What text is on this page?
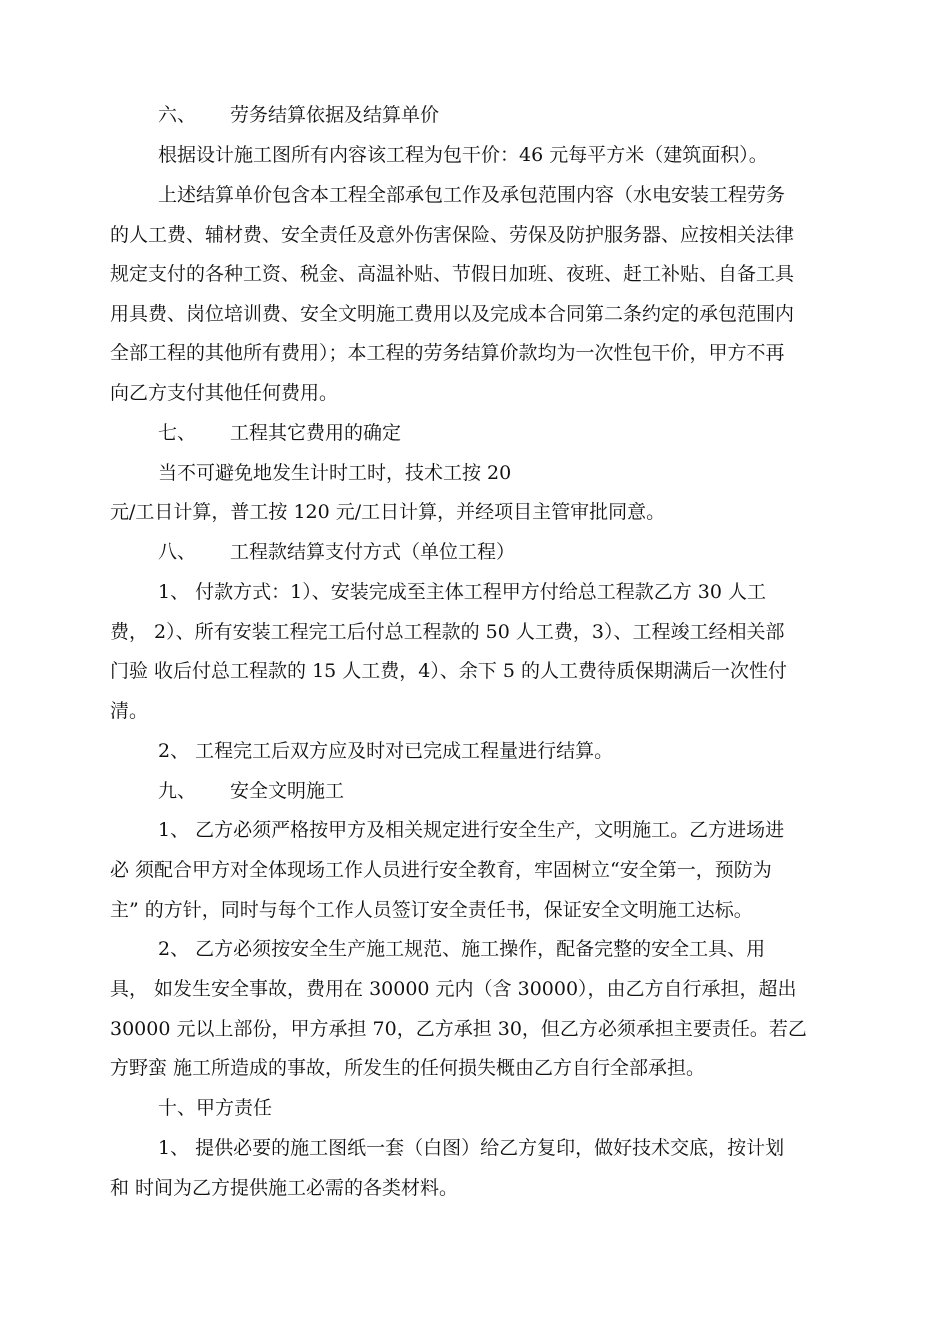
六、 劳务结算依据及结算单价
根据设计施工图所有内容该工程为包干价：46 元每平方米（建筑面积）。
上述结算单价包含本工程全部承包工作及承包范围内容（水电安装工程劳务
的人工费、辅材费、安全责任及意外伤害保险、劳保及防护服务器、应按相关法律
规定支付的各种工资、税金、高温补贴、节假日加班、夜班、赶工补贴、自备工具
用具费、岗位培训费、安全文明施工费用以及完成本合同第二条约定的承包范围内
全部工程的其他所有费用）；本工程的劳务结算价款均为一次性包干价，甲方不再
向乙方支付其他任何费用。
七、 工程其它费用的确定
当不可避免地发生计时工时，技术工按 20
元/工日计算，普工按 120 元/工日计算，并经项目主管审批同意。
八、 工程款结算支付方式（单位工程）
1、 付款方式：1）、安装完成至主体工程甲方付给总工程款乙方 30 人工
费， 2）、所有安装工程完工后付总工程款的 50 人工费，3）、工程竣工经相关部
门验 收后付总工程款的 15 人工费，4）、余下 5 的人工费待质保期满后一次性付
清。
2、 工程完工后双方应及时对已完成工程量进行结算。
九、 安全文明施工
1、 乙方必须严格按甲方及相关规定进行安全生产，文明施工。乙方进场进
必 须配合甲方对全体现场工作人员进行安全教育，牢固树立“安全第一，预防为
主” 的方针，同时与每个工作人员签订安全责任书，保证安全文明施工达标。
2、 乙方必须按安全生产施工规范、施工操作，配备完整的安全工具、用
具， 如发生安全事故，费用在 30000 元内（含 30000），由乙方自行承担，超出
30000 元以上部份，甲方承担 70，乙方承担 30，但乙方必须承担主要责任。若乙
方野蛮 施工所造成的事故，所发生的任何损失概由乙方自行全部承担。
十、甲方责任
1、 提供必要的施工图纸一套（白图）给乙方复印，做好技术交底，按计划
和 时间为乙方提供施工必需的各类材料。
